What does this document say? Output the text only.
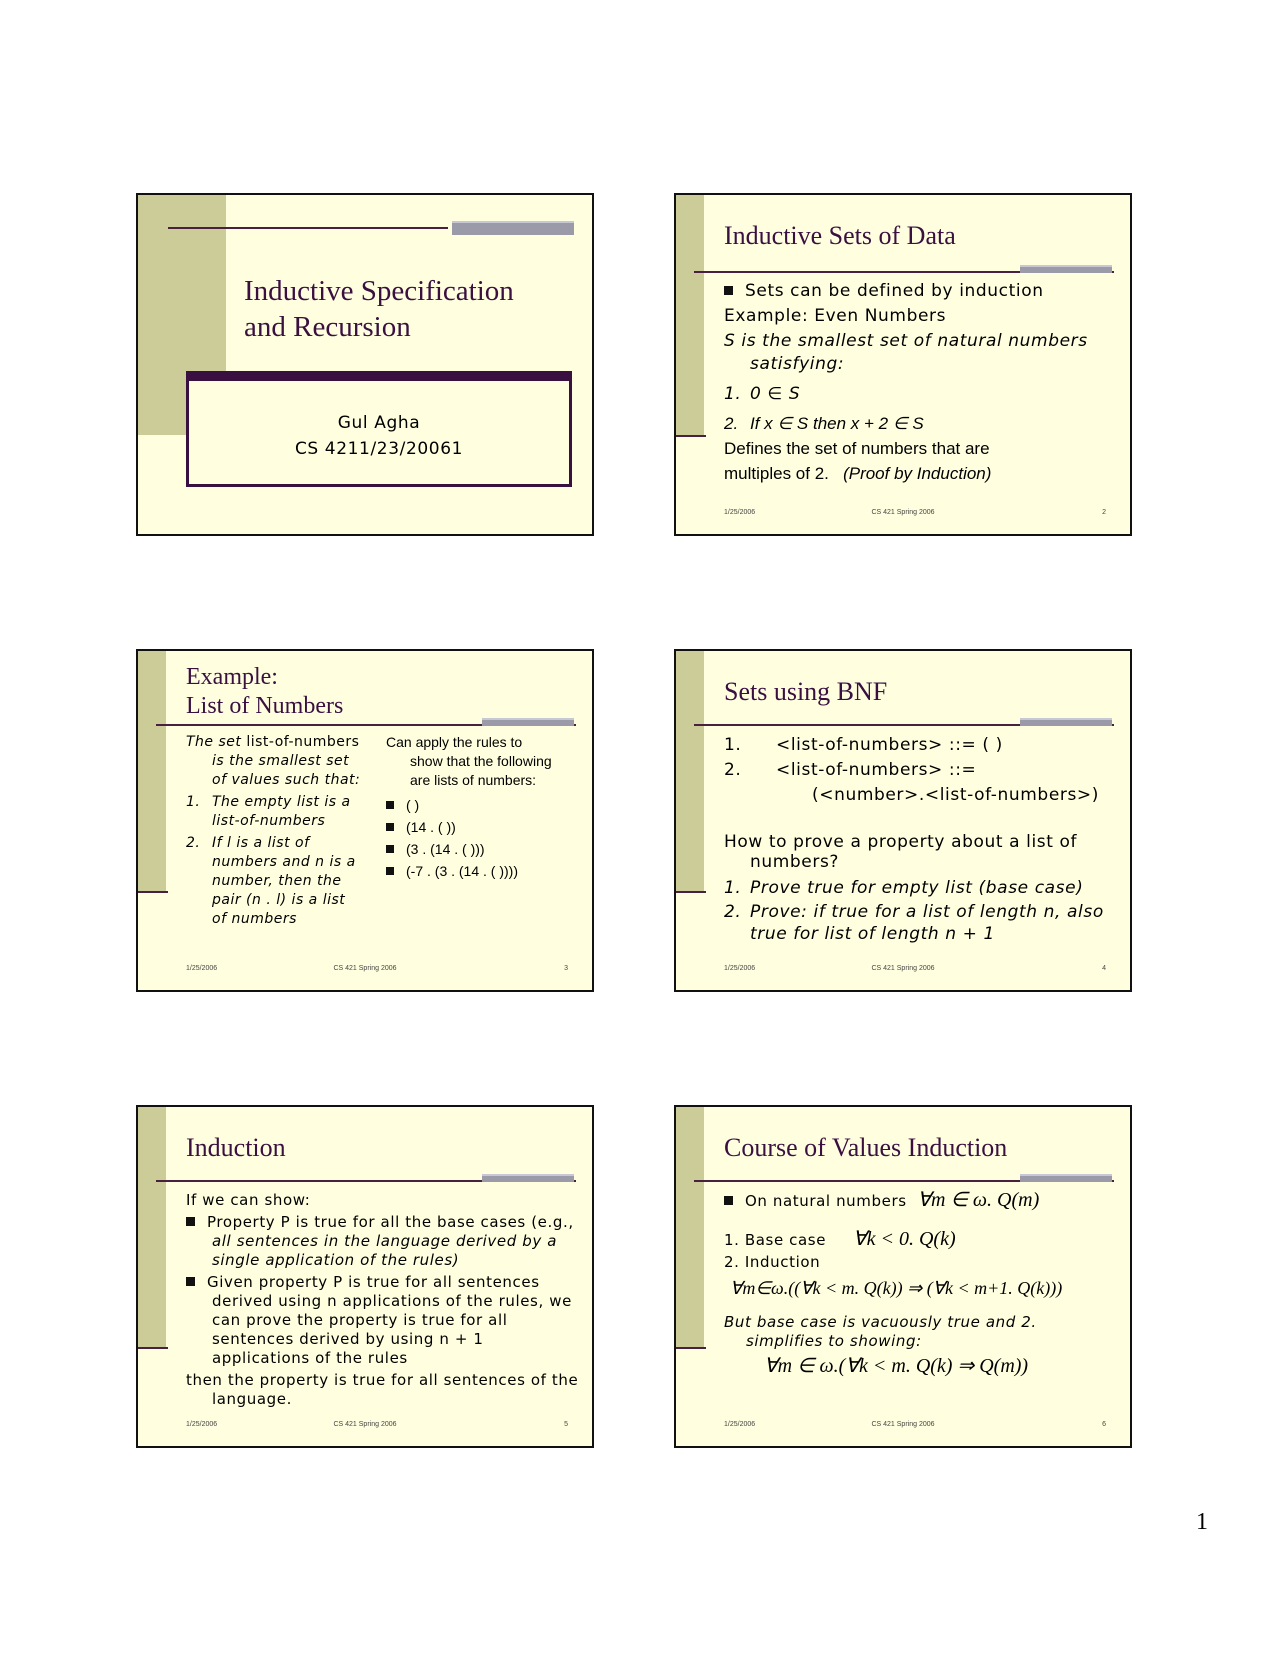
Inductive Specification
and Recursion
Gul Agha
CS 4211/23/20061
Inductive Sets of Data
Sets can be defined by induction
Example: Even Numbers
S is the smallest set of natural numbers
satisfying:
1. 0 ∈ S
2. If x ∈ S then x + 2 ∈ S
Defines the set of numbers that are
multiples of 2. (Proof by Induction)
1/25/2006	CS 421 Spring 2006	2
Example:
List of Numbers
The set list-of-numbers
is the smallest set
of values such that:
1. The empty list is a
list-of-numbers
2. If l is a list of
numbers and n is a
number, then the
pair (n . l) is a list
of numbers
Can apply the rules to
show that the following
are lists of numbers:
( )
(14 . ( ))
(3 . (14 . ( )))
(-7 . (3 . (14 . ( ))))
1/25/2006	CS 421 Spring 2006	3
Sets using BNF
1. <list-of-numbers> ::= ( )
2. <list-of-numbers> ::=
(<number>.<list-of-numbers>)
How to prove a property about a list of
numbers?
1. Prove true for empty list (base case)
2. Prove: if true for a list of length n, also
true for list of length n + 1
1/25/2006	CS 421 Spring 2006	4
Induction
If we can show:
Property P is true for all the base cases (e.g.,
all sentences in the language derived by a
single application of the rules)
Given property P is true for all sentences
derived using n applications of the rules, we
can prove the property is true for all
sentences derived by using n + 1
applications of the rules
then the property is true for all sentences of the
language.
1/25/2006	CS 421 Spring 2006	5
Course of Values Induction
On natural numbers ∀m ∈ ω. Q(m)
1. Base case ∀k < 0. Q(k)
2. Induction
∀m∈ω.((∀k < m. Q(k)) ⇒ (∀k < m+1. Q(k)))
But base case is vacuously true and 2.
simplifies to showing:
∀m ∈ ω.(∀k < m. Q(k) ⇒ Q(m))
1/25/2006	CS 421 Spring 2006	6
1
